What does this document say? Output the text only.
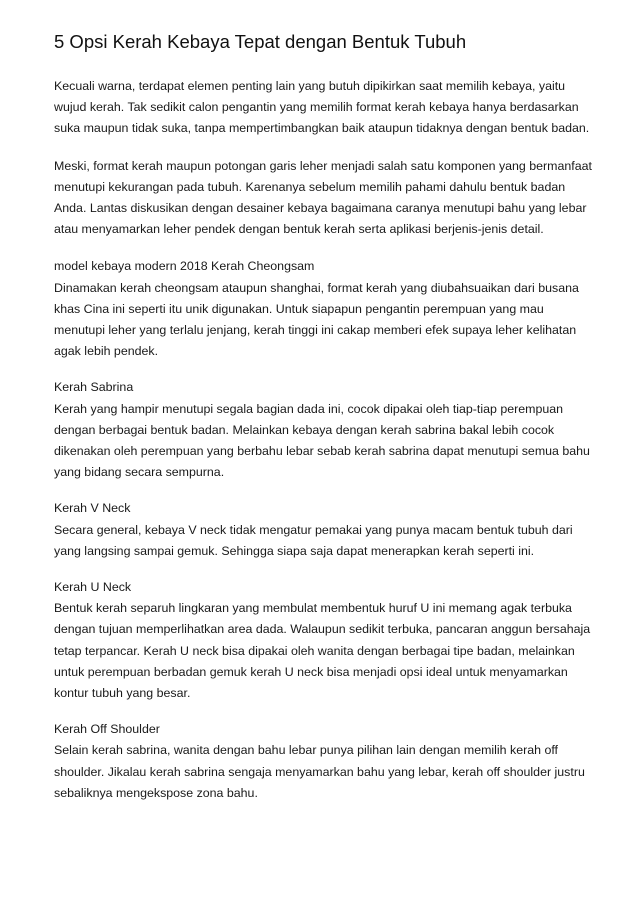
5 Opsi Kerah Kebaya Tepat dengan Bentuk Tubuh

Kecuali warna, terdapat elemen penting lain yang butuh dipikirkan saat memilih kebaya, yaitu wujud kerah. Tak sedikit calon pengantin yang memilih format kerah kebaya hanya berdasarkan suka maupun tidak suka, tanpa mempertimbangkan baik ataupun tidaknya dengan bentuk badan.

Meski, format kerah maupun potongan garis leher menjadi salah satu komponen yang bermanfaat menutupi kekurangan pada tubuh. Karenanya sebelum memilih pahami dahulu bentuk badan Anda. Lantas diskusikan dengan desainer kebaya bagaimana caranya menutupi bahu yang lebar atau menyamarkan leher pendek dengan bentuk kerah serta aplikasi berjenis-jenis detail.

model kebaya modern 2018 Kerah Cheongsam

Dinamakan kerah cheongsam ataupun shanghai, format kerah yang diubahsuaikan dari busana khas Cina ini seperti itu unik digunakan. Untuk siapapun pengantin perempuan yang mau menutupi leher yang terlalu jenjang, kerah tinggi ini cakap memberi efek supaya leher kelihatan agak lebih pendek.

Kerah Sabrina

Kerah yang hampir menutupi segala bagian dada ini, cocok dipakai oleh tiap-tiap perempuan dengan berbagai bentuk badan. Melainkan kebaya dengan kerah sabrina bakal lebih cocok dikenakan oleh perempuan yang berbahu lebar sebab kerah sabrina dapat menutupi semua bahu yang bidang secara sempurna.

Kerah V Neck

Secara general, kebaya V neck tidak mengatur pemakai yang punya macam bentuk tubuh dari yang langsing sampai gemuk. Sehingga siapa saja dapat menerapkan kerah seperti ini.

Kerah U Neck

Bentuk kerah separuh lingkaran yang membulat membentuk huruf U ini memang agak terbuka dengan tujuan memperlihatkan area dada. Walaupun sedikit terbuka, pancaran anggun bersahaja tetap terpancar. Kerah U neck bisa dipakai oleh wanita dengan berbagai tipe badan, melainkan untuk perempuan berbadan gemuk kerah U neck bisa menjadi opsi ideal untuk menyamarkan kontur tubuh yang besar.

Kerah Off Shoulder

Selain kerah sabrina, wanita dengan bahu lebar punya pilihan lain dengan memilih kerah off shoulder. Jikalau kerah sabrina sengaja menyamarkan bahu yang lebar, kerah off shoulder justru sebaliknya mengekspose zona bahu.
